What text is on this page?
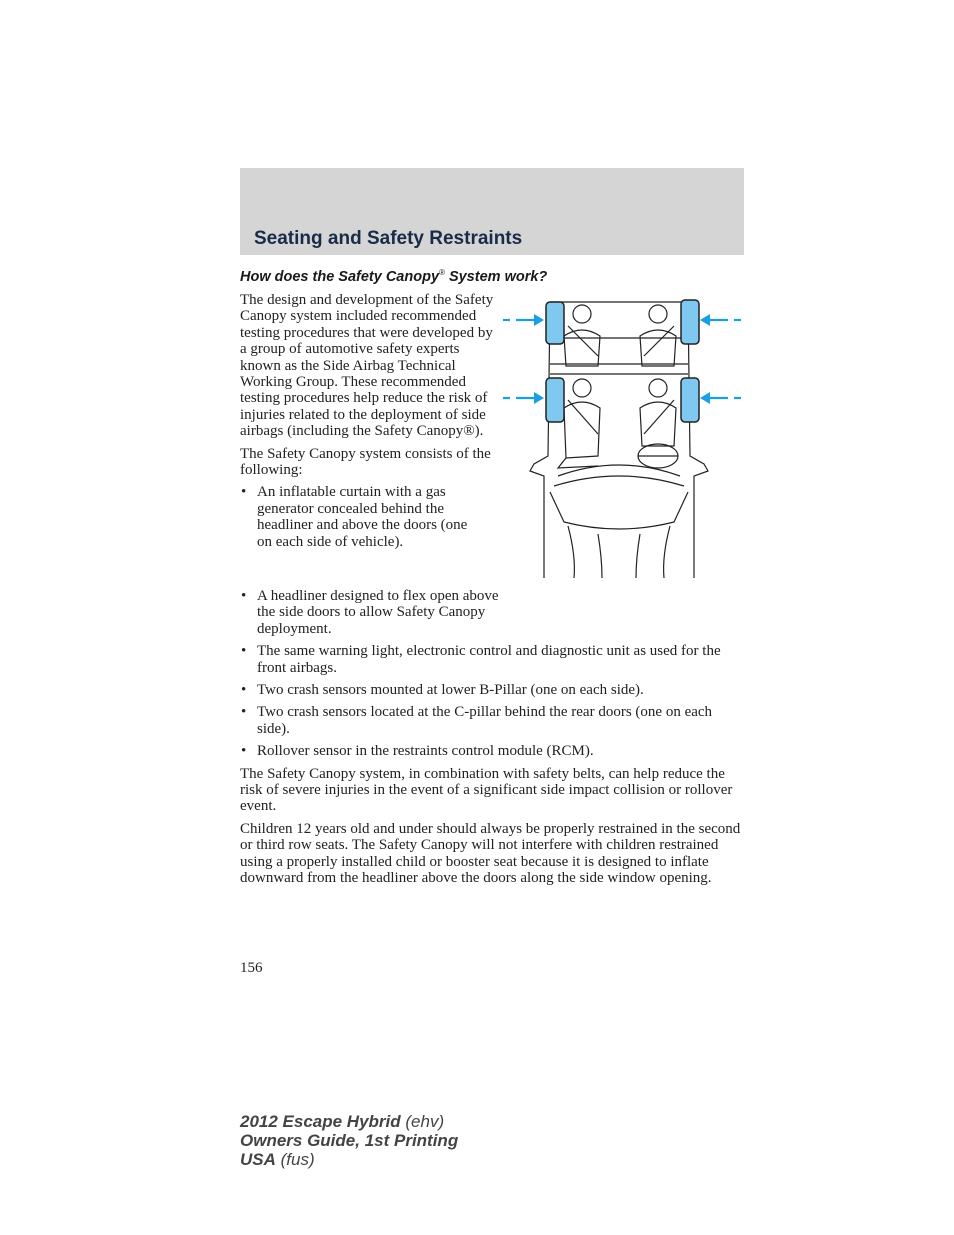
Seating and Safety Restraints
How does the Safety Canopy® System work?

The design and development of the Safety Canopy system included recommended testing procedures that were developed by a group of automotive safety experts known as the Side Airbag Technical Working Group. These recommended testing procedures help reduce the risk of injuries related to the deployment of side airbags (including the Safety Canopy®).

The Safety Canopy system consists of the following:

• An inflatable curtain with a gas generator concealed behind the headliner and above the doors (one on each side of vehicle).
• A headliner designed to flex open above the side doors to allow Safety Canopy deployment.
• The same warning light, electronic control and diagnostic unit as used for the front airbags.
• Two crash sensors mounted at lower B-Pillar (one on each side).
• Two crash sensors located at the C-pillar behind the rear doors (one on each side).
• Rollover sensor in the restraints control module (RCM).

The Safety Canopy system, in combination with safety belts, can help reduce the risk of severe injuries in the event of a significant side impact collision or rollover event.

Children 12 years old and under should always be properly restrained in the second or third row seats. The Safety Canopy will not interfere with children restrained using a properly installed child or booster seat because it is designed to inflate downward from the headliner above the doors along the side window opening.

156
2012 Escape Hybrid (ehv)
Owners Guide, 1st Printing
USA (fus)
